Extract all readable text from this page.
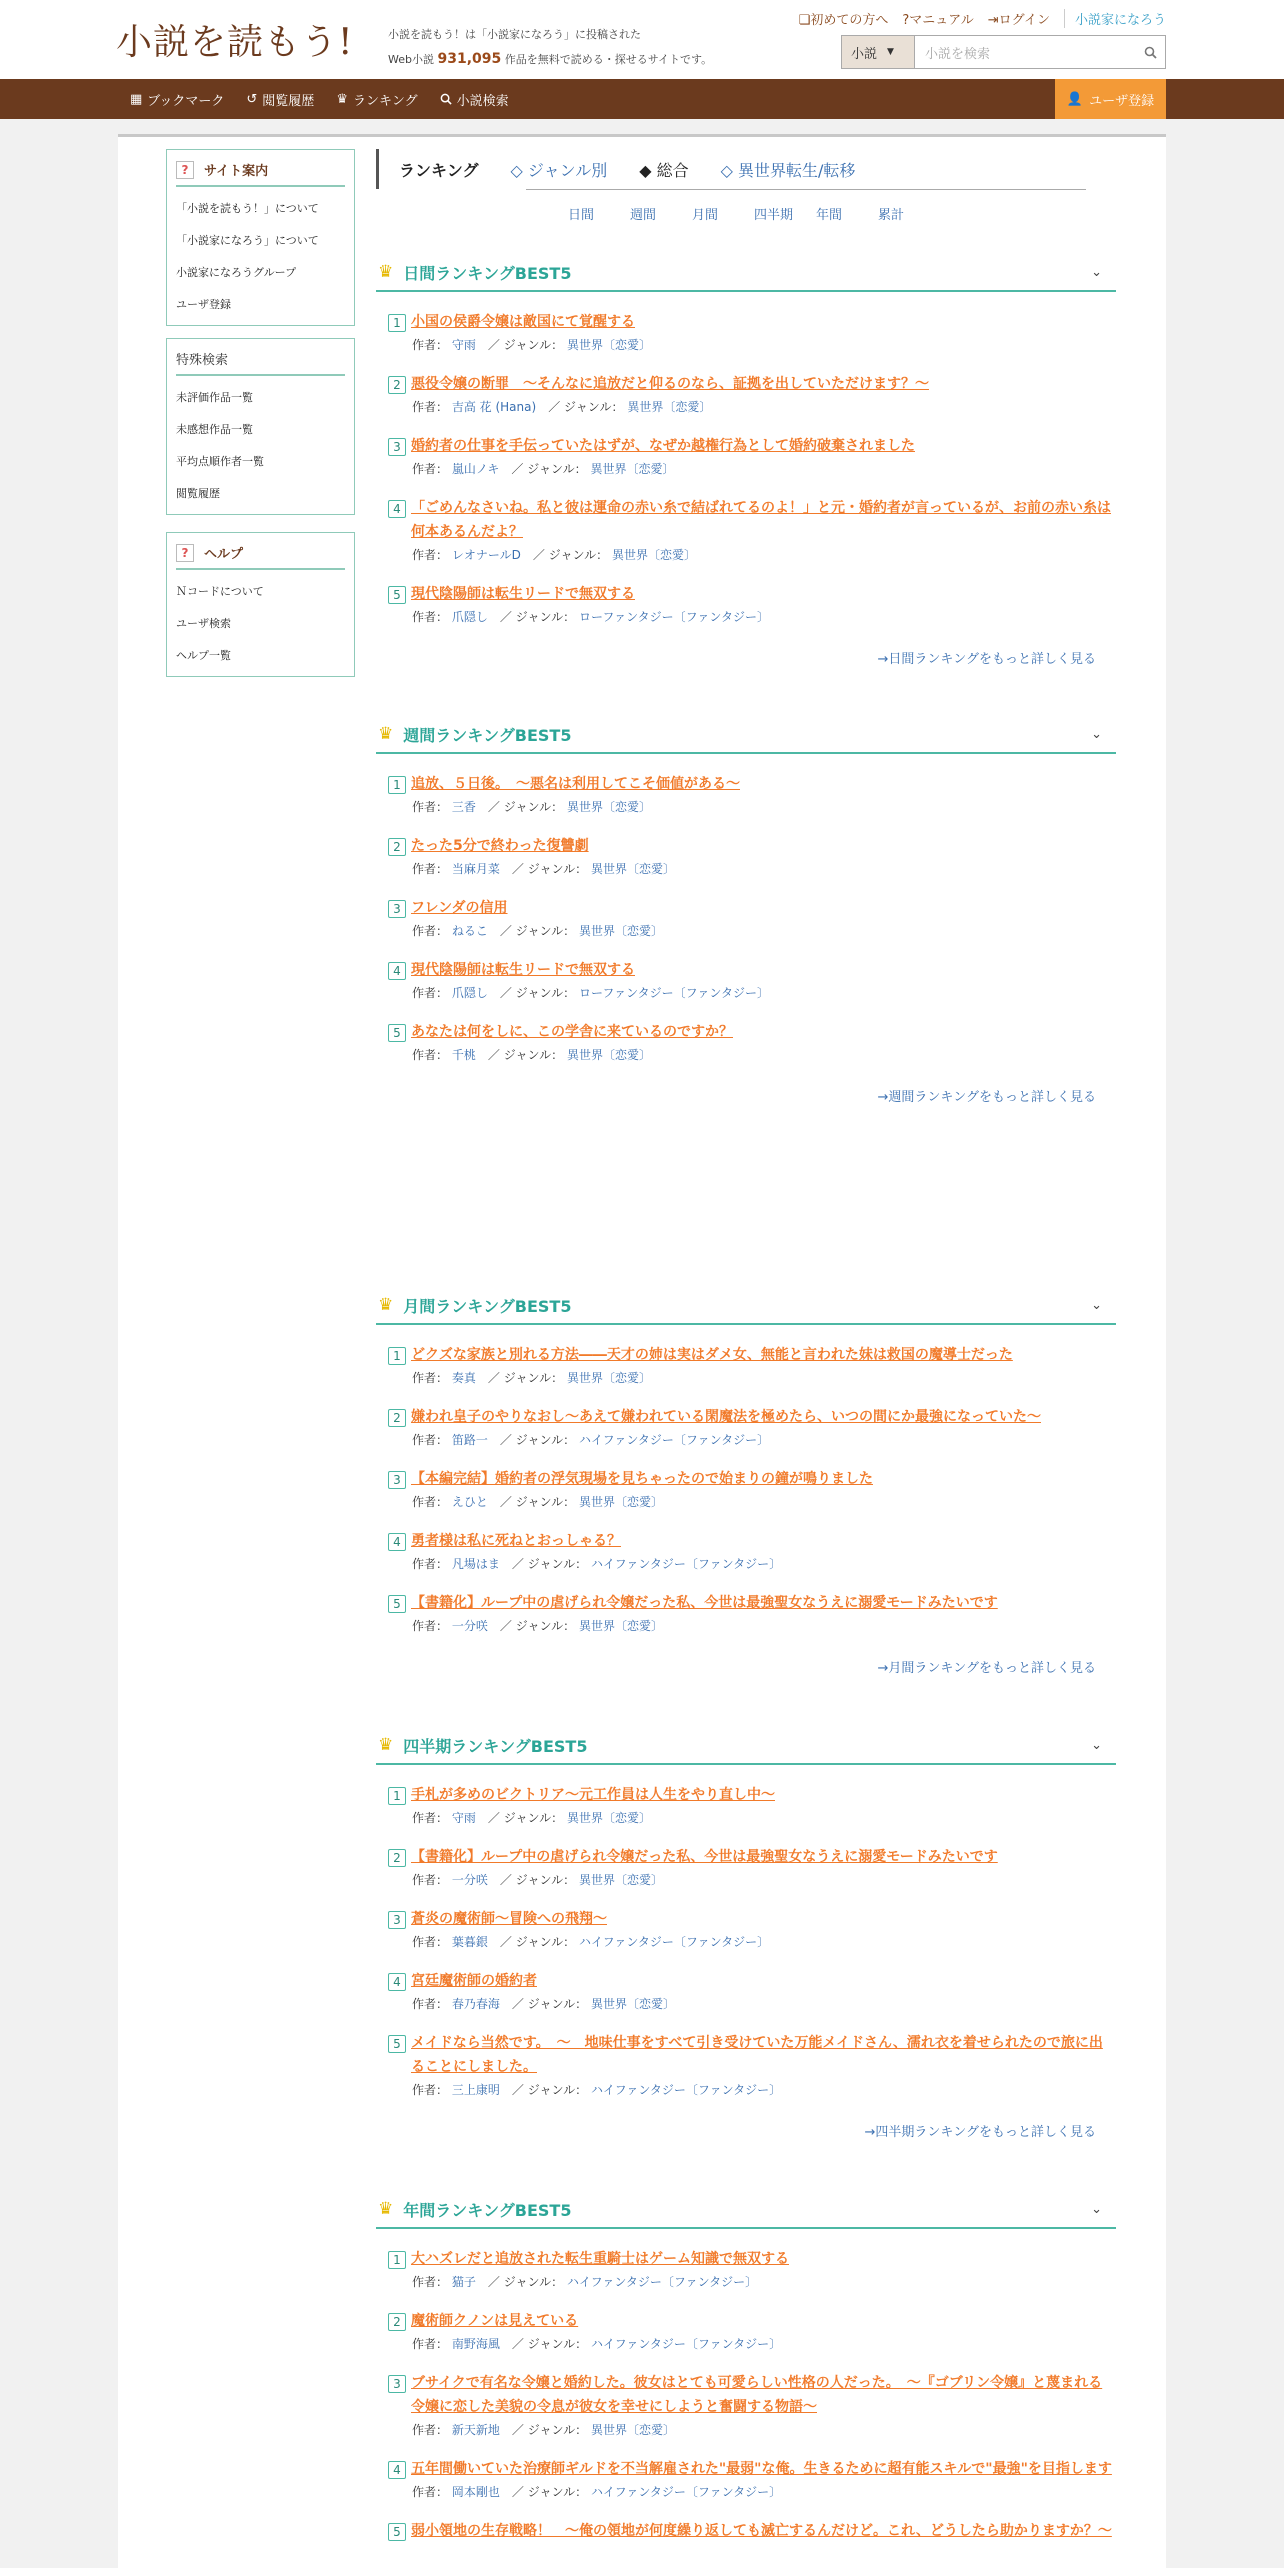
小説を読もう!	小説を読もう！は「小説家になろう」に投稿された
Web小説 931,095 作品を無料で読める・探せるサイトです。
❏初めての方へ ?マニュアル ⇥ログイン	小説家になろう
小説 ▼	小説を検索
▦ ブックマーク ↺ 閲覧履歴 ♛ ランキング	小説検索	👤 ユーザ登録
?	サイト案内
「小説を読もう！」について
「小説家になろう」について
小説家になろうグループ
ユーザ登録
特殊検索
未評価作品一覧
未感想作品一覧
平均点順作者一覧
閲覧履歴
?	ヘルプ
Ｎコードについて
ユーザ検索
ヘルプ一覧
ランキング ◇ ジャンル別 ◆ 総合 ◇ 異世界転生/転移
日間	週間	月間	四半期	年間	累計
♛ 日間ランキングBEST5	⌄
1 小国の侯爵令嬢は敵国にて覚醒する
作者： 守雨　／ ジャンル： 異世界〔恋愛〕
2 悪役令嬢の断罪　～そんなに追放だと仰るのなら、証拠を出していただけます？～
作者： 吉高 花 (Hana)　／ ジャンル： 異世界〔恋愛〕
3 婚約者の仕事を手伝っていたはずが、なぜか越権行為として婚約破棄されました
作者： 嵐山ノキ　／ ジャンル： 異世界〔恋愛〕
4 「ごめんなさいね。私と彼は運命の赤い糸で結ばれてるのよ！」と元・婚約者が言っているが、お前の赤い糸は何本あるんだよ？
作者： レオナールD　／ ジャンル： 異世界〔恋愛〕
5 現代陰陽師は転生リードで無双する
作者： 爪隠し　／ ジャンル： ローファンタジー〔ファンタジー〕
→日間ランキングをもっと詳しく見る
♛ 週間ランキングBEST5	⌄
1 追放、５日後。　～悪名は利用してこそ価値がある～
作者： 三香　／ ジャンル： 異世界〔恋愛〕
2 たった5分で終わった復讐劇
作者： 当麻月菜　／ ジャンル： 異世界〔恋愛〕
3 フレンダの信用
作者： ねるこ　／ ジャンル： 異世界〔恋愛〕
4 現代陰陽師は転生リードで無双する
作者： 爪隠し　／ ジャンル： ローファンタジー〔ファンタジー〕
5 あなたは何をしに、この学舎に来ているのですか？
作者： 千桃　／ ジャンル： 異世界〔恋愛〕
→週間ランキングをもっと詳しく見る
♛ 月間ランキングBEST5	⌄
1 どクズな家族と別れる方法――天才の姉は実はダメ女、無能と言われた妹は救国の魔導士だった
作者： 奏真　／ ジャンル： 異世界〔恋愛〕
2 嫌われ皇子のやりなおし～あえて嫌われている閑魔法を極めたら、いつの間にか最強になっていた～
作者： 笛路一　／ ジャンル： ハイファンタジー〔ファンタジー〕
3 【本編完結】婚約者の浮気現場を見ちゃったので始まりの鐘が鳴りました
作者： えひと　／ ジャンル： 異世界〔恋愛〕
4 勇者様は私に死ねとおっしゃる？
作者： 凡場はま　／ ジャンル： ハイファンタジー〔ファンタジー〕
5 【書籍化】ループ中の虐げられ令嬢だった私、今世は最強聖女なうえに溺愛モードみたいです
作者： 一分咲　／ ジャンル： 異世界〔恋愛〕
→月間ランキングをもっと詳しく見る
♛ 四半期ランキングBEST5	⌄
1 手札が多めのビクトリア〜元工作員は人生をやり直し中〜
作者： 守雨　／ ジャンル： 異世界〔恋愛〕
2 【書籍化】ループ中の虐げられ令嬢だった私、今世は最強聖女なうえに溺愛モードみたいです
作者： 一分咲　／ ジャンル： 異世界〔恋愛〕
3 蒼炎の魔術師〜冒険への飛翔〜
作者： 葉暮銀　／ ジャンル： ハイファンタジー〔ファンタジー〕
4 宮廷魔術師の婚約者
作者： 春乃春海　／ ジャンル： 異世界〔恋愛〕
5 メイドなら当然です。　～　地味仕事をすべて引き受けていた万能メイドさん、濡れ衣を着せられたので旅に出ることにしました。
作者： 三上康明　／ ジャンル： ハイファンタジー〔ファンタジー〕
→四半期ランキングをもっと詳しく見る
♛ 年間ランキングBEST5	⌄
1 大ハズレだと追放された転生重騎士はゲーム知識で無双する
作者： 猫子　／ ジャンル： ハイファンタジー〔ファンタジー〕
2 魔術師クノンは見えている
作者： 南野海風　／ ジャンル： ハイファンタジー〔ファンタジー〕
3 ブサイクで有名な令嬢と婚約した。彼女はとても可愛らしい性格の人だった。　～『ゴブリン令嬢』と蔑まれる令嬢に恋した美貌の令息が彼女を幸せにしようと奮闘する物語～
作者： 新天新地　／ ジャンル： 異世界〔恋愛〕
4 五年間働いていた治療師ギルドを不当解雇された"最弱"な俺。生きるために超有能スキルで"最強"を目指します
作者： 岡本剛也　／ ジャンル： ハイファンタジー〔ファンタジー〕
5 弱小領地の生存戦略！　～俺の領地が何度繰り返しても滅亡するんだけど。これ、どうしたら助かりますか？～
